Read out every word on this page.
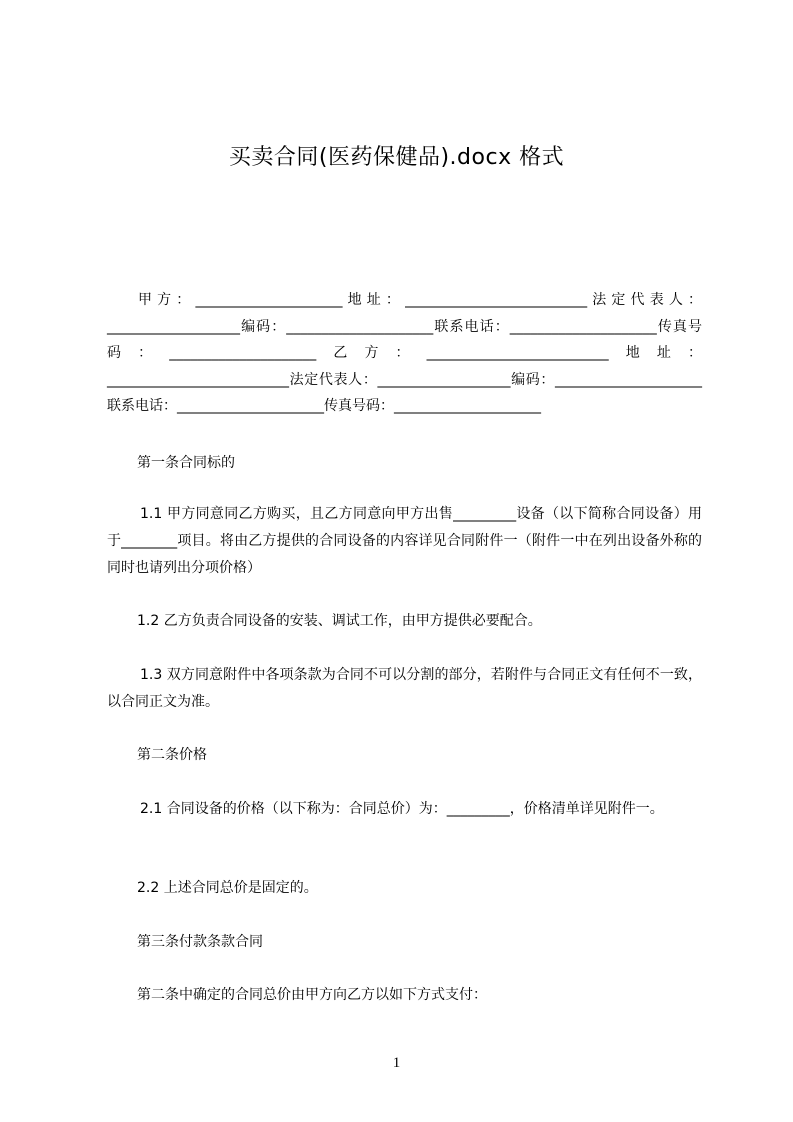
买卖合同(医药保健品).docx 格式

甲方：_____________________地址：__________________________法定代表人：___________________编码：_____________________联系电话：_____________________传真号码：_____________________乙方：__________________________地址：__________________________法定代表人：___________________编码：_____________________联系电话：_____________________传真号码：_____________________

第一条合同标的

1.1 甲方同意同乙方购买，且乙方同意向甲方出售_________设备（以下简称合同设备）用于________项目。将由乙方提供的合同设备的内容详见合同附件一（附件一中在列出设备外称的同时也请列出分项价格）

1.2 乙方负责合同设备的安装、调试工作，由甲方提供必要配合。

1.3 双方同意附件中各项条款为合同不可以分割的部分，若附件与合同正文有任何不一致，以合同正文为准。

第二条价格

2.1 合同设备的价格（以下称为：合同总价）为：_________，价格清单详见附件一。

2.2 上述合同总价是固定的。

第三条付款条款合同

第二条中确定的合同总价由甲方向乙方以如下方式支付：

1
